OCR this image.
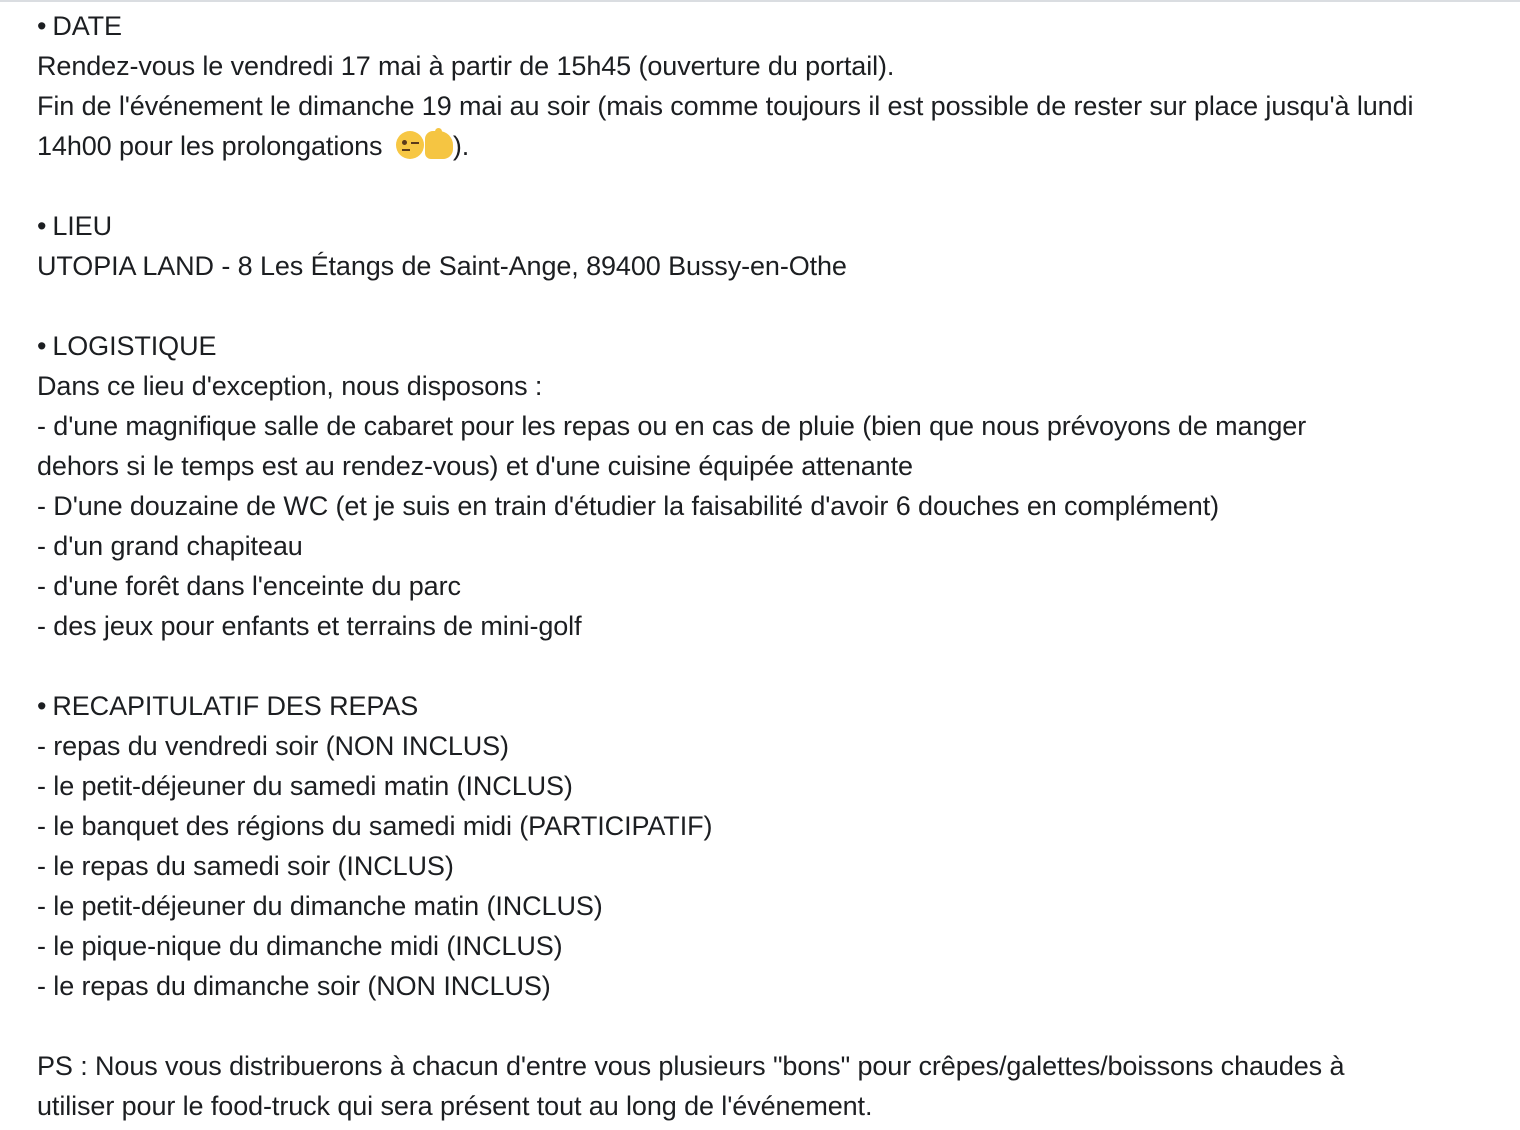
• DATE
Rendez-vous le vendredi 17 mai à partir de 15h45 (ouverture du portail).
Fin de l'événement le dimanche 19 mai au soir (mais comme toujours il est possible de rester sur place jusqu'à lundi 14h00 pour les prolongations ).
• LIEU
UTOPIA LAND - 8 Les Étangs de Saint-Ange, 89400 Bussy-en-Othe
• LOGISTIQUE
Dans ce lieu d'exception, nous disposons :
- d'une magnifique salle de cabaret pour les repas ou en cas de pluie (bien que nous prévoyons de manger
dehors si le temps est au rendez-vous) et d'une cuisine équipée attenante
- D'une douzaine de WC (et je suis en train d'étudier la faisabilité d'avoir 6 douches en complément)
- d'un grand chapiteau
- d'une forêt dans l'enceinte du parc
- des jeux pour enfants et terrains de mini-golf
• RECAPITULATIF DES REPAS
- repas du vendredi soir (NON INCLUS)
- le petit-déjeuner du samedi matin (INCLUS)
- le banquet des régions du samedi midi (PARTICIPATIF)
- le repas du samedi soir (INCLUS)
- le petit-déjeuner du dimanche matin (INCLUS)
- le pique-nique du dimanche midi (INCLUS)
- le repas du dimanche soir (NON INCLUS)
PS : Nous vous distribuerons à chacun d'entre vous plusieurs "bons" pour crêpes/galettes/boissons chaudes à
utiliser pour le food-truck qui sera présent tout au long de l'événement.
